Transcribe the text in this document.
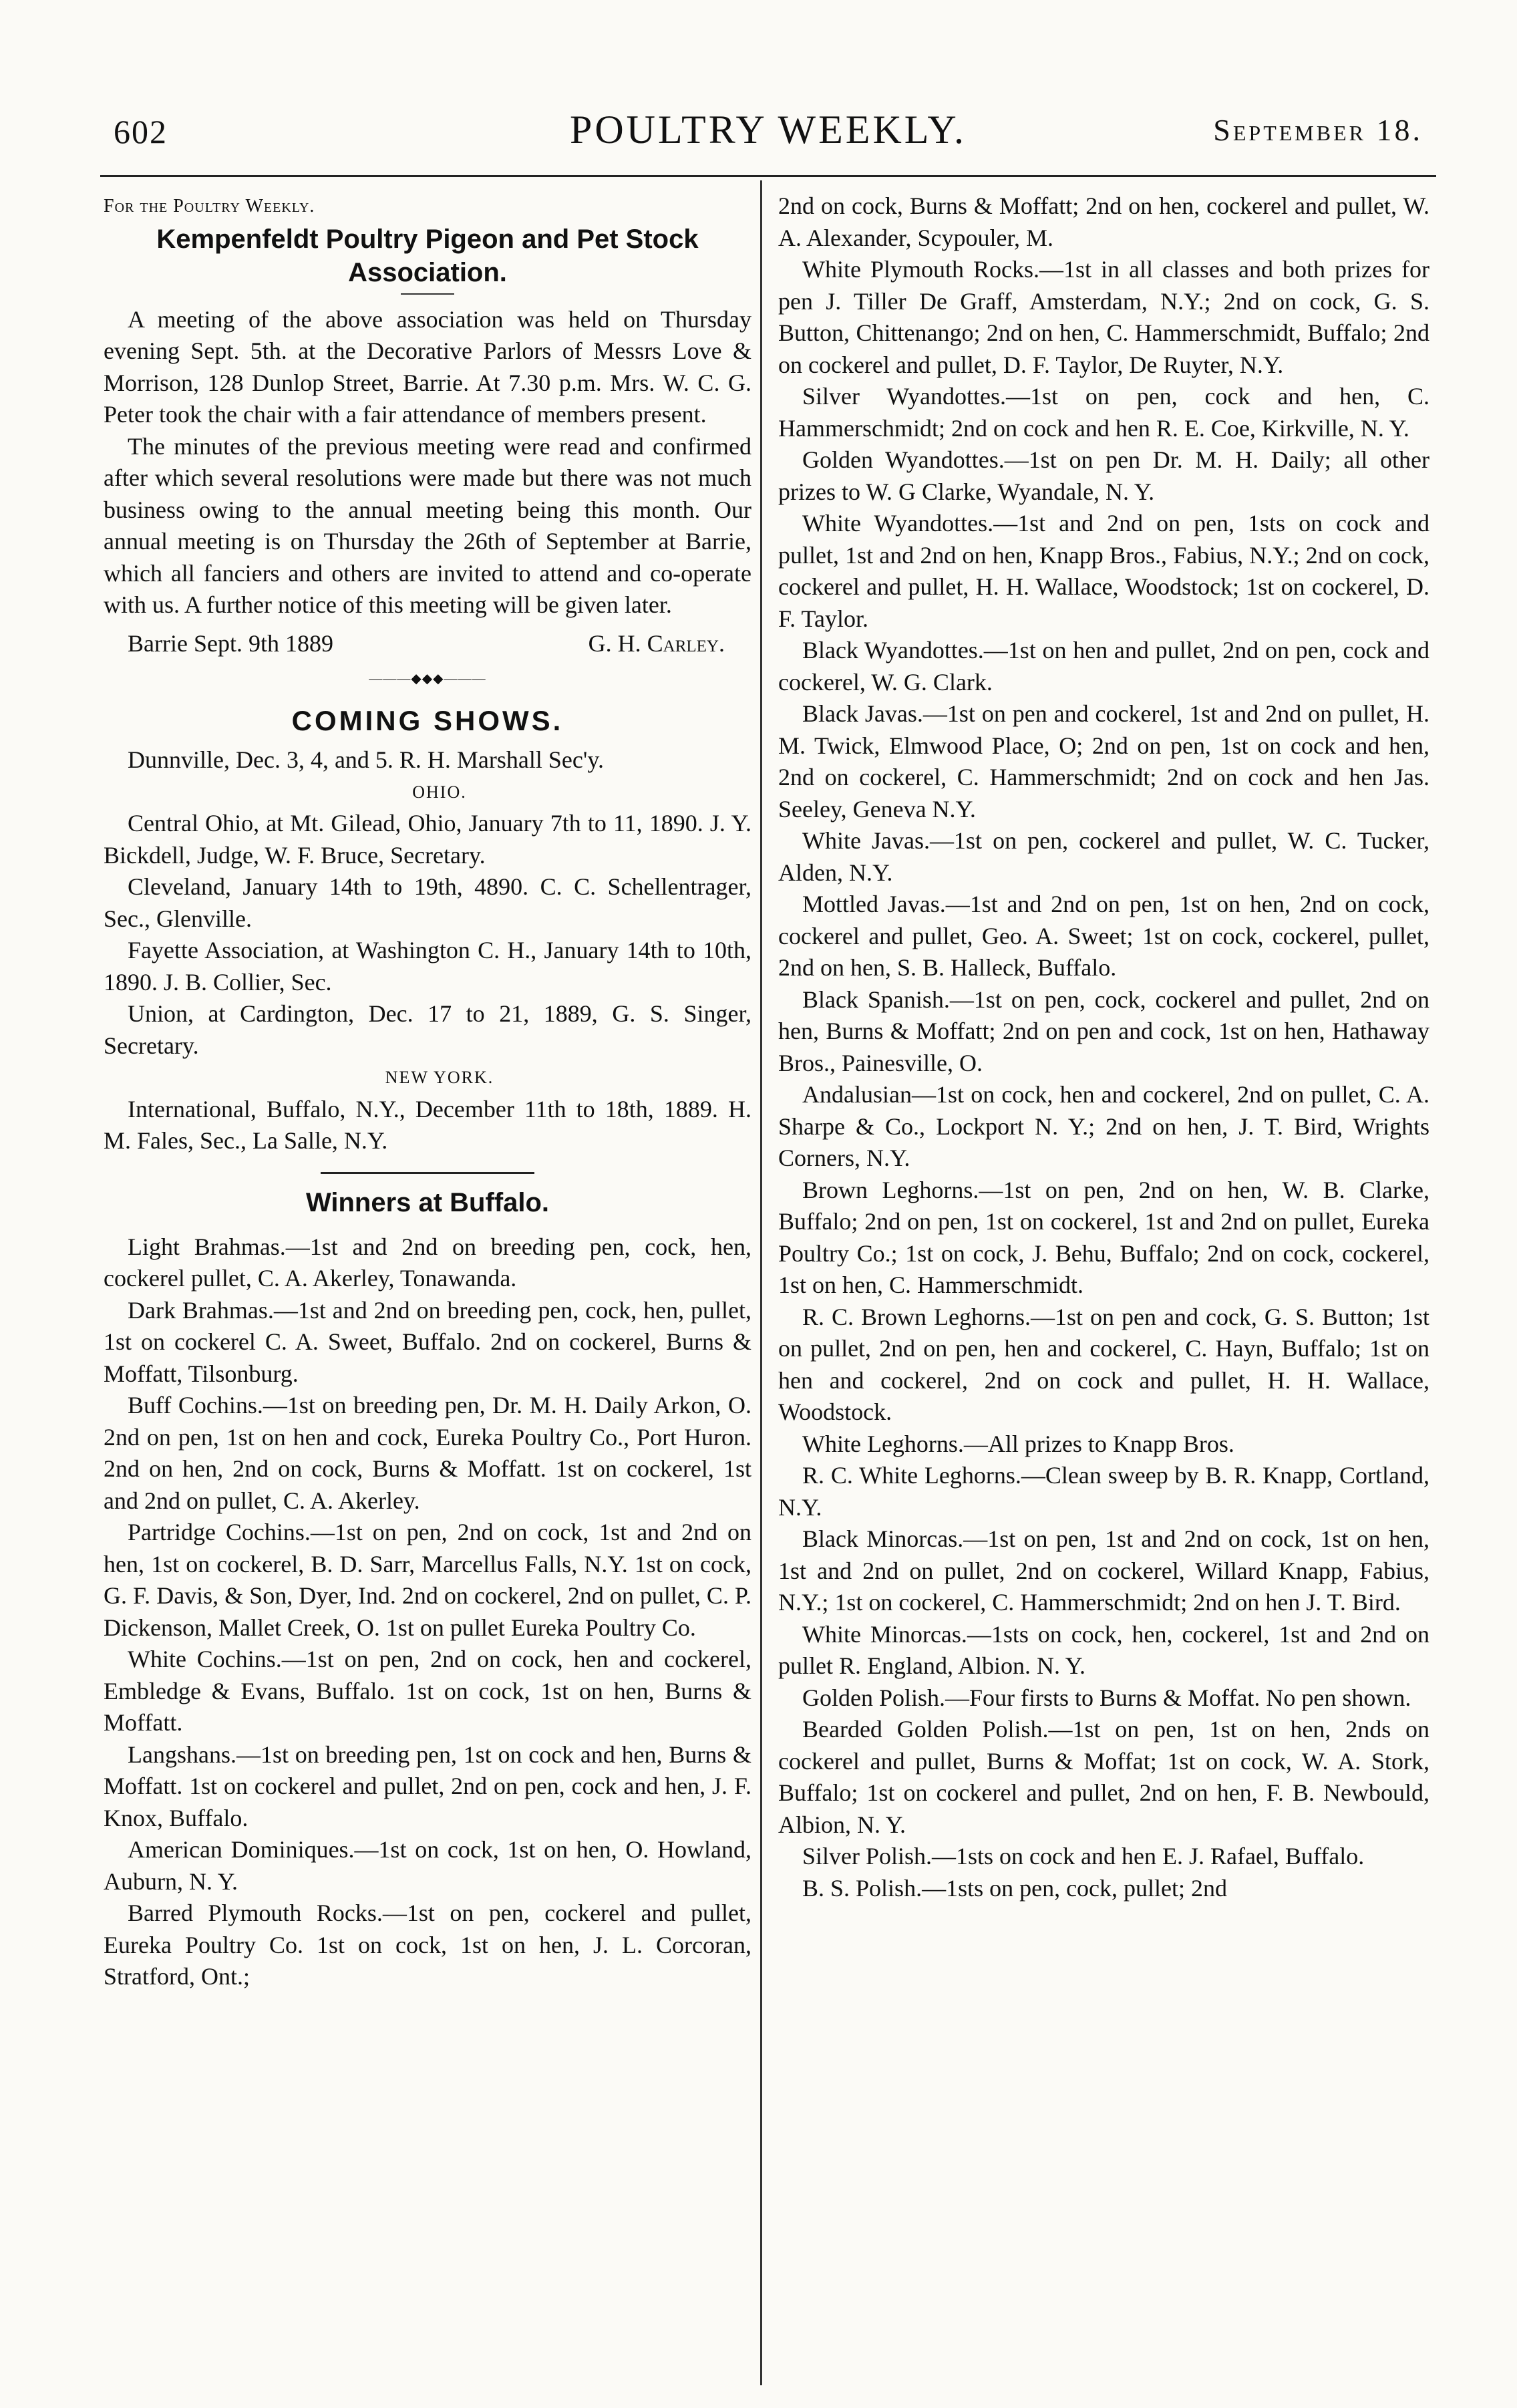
602	POULTRY WEEKLY.	September 18.

For the Poultry Weekly.

Kempenfeldt Poultry Pigeon and Pet Stock Association.

A meeting of the above association was held on Thursday evening Sept. 5th. at the Decorative Parlors of Messrs Love & Morrison, 128 Dunlop Street, Barrie. At 7.30 p.m. Mrs. W. C. G. Peter took the chair with a fair attendance of members present.

The minutes of the previous meeting were read and confirmed after which several resolutions were made but there was not much business owing to the annual meeting being this month. Our annual meeting is on Thursday the 26th of September at Barrie, which all fanciers and others are invited to attend and co-operate with us. A further notice of this meeting will be given later.

Barrie Sept. 9th 1889	G. H. Carley.
———◆◆◆———
COMING SHOWS.

Dunnville, Dec. 3, 4, and 5. R. H. Marshall Sec'y.

OHIO.

Central Ohio, at Mt. Gilead, Ohio, January 7th to 11, 1890. J. Y. Bickdell, Judge, W. F. Bruce, Secretary.

Cleveland, January 14th to 19th, 4890. C. C. Schellentrager, Sec., Glenville.

Fayette Association, at Washington C. H., January 14th to 10th, 1890. J. B. Collier, Sec.

Union, at Cardington, Dec. 17 to 21, 1889, G. S. Singer, Secretary.

NEW YORK.

International, Buffalo, N.Y., December 11th to 18th, 1889. H. M. Fales, Sec., La Salle, N.Y.

Winners at Buffalo.

Light Brahmas.—1st and 2nd on breeding pen, cock, hen, cockerel pullet, C. A. Akerley, Tonawanda.

Dark Brahmas.—1st and 2nd on breeding pen, cock, hen, pullet, 1st on cockerel C. A. Sweet, Buffalo. 2nd on cockerel, Burns & Moffatt, Tilsonburg.

Buff Cochins.—1st on breeding pen, Dr. M. H. Daily Arkon, O. 2nd on pen, 1st on hen and cock, Eureka Poultry Co., Port Huron. 2nd on hen, 2nd on cock, Burns & Moffatt. 1st on cockerel, 1st and 2nd on pullet, C. A. Akerley.

Partridge Cochins.—1st on pen, 2nd on cock, 1st and 2nd on hen, 1st on cockerel, B. D. Sarr, Marcellus Falls, N.Y. 1st on cock, G. F. Davis, & Son, Dyer, Ind. 2nd on cockerel, 2nd on pullet, C. P. Dickenson, Mallet Creek, O. 1st on pullet Eureka Poultry Co.

White Cochins.—1st on pen, 2nd on cock, hen and cockerel, Embledge & Evans, Buffalo. 1st on cock, 1st on hen, Burns & Moffatt.

Langshans.—1st on breeding pen, 1st on cock and hen, Burns & Moffatt. 1st on cockerel and pullet, 2nd on pen, cock and hen, J. F. Knox, Buffalo.

American Dominiques.—1st on cock, 1st on hen, O. Howland, Auburn, N. Y.

Barred Plymouth Rocks.—1st on pen, cockerel and pullet, Eureka Poultry Co. 1st on cock, 1st on hen, J. L. Corcoran, Stratford, Ont.;

2nd on cock, Burns & Moffatt; 2nd on hen, cockerel and pullet, W. A. Alexander, Scypouler, M.

White Plymouth Rocks.—1st in all classes and both prizes for pen J. Tiller De Graff, Amsterdam, N.Y.; 2nd on cock, G. S. Button, Chittenango; 2nd on hen, C. Hammerschmidt, Buffalo; 2nd on cockerel and pullet, D. F. Taylor, De Ruyter, N.Y.

Silver Wyandottes.—1st on pen, cock and hen, C. Hammerschmidt; 2nd on cock and hen R. E. Coe, Kirkville, N. Y.

Golden Wyandottes.—1st on pen Dr. M. H. Daily; all other prizes to W. G Clarke, Wyandale, N. Y.

White Wyandottes.—1st and 2nd on pen, 1sts on cock and pullet, 1st and 2nd on hen, Knapp Bros., Fabius, N.Y.; 2nd on cock, cockerel and pullet, H. H. Wallace, Woodstock; 1st on cockerel, D. F. Taylor.

Black Wyandottes.—1st on hen and pullet, 2nd on pen, cock and cockerel, W. G. Clark.

Black Javas.—1st on pen and cockerel, 1st and 2nd on pullet, H. M. Twick, Elmwood Place, O; 2nd on pen, 1st on cock and hen, 2nd on cockerel, C. Hammerschmidt; 2nd on cock and hen Jas. Seeley, Geneva N.Y.

White Javas.—1st on pen, cockerel and pullet, W. C. Tucker, Alden, N.Y.

Mottled Javas.—1st and 2nd on pen, 1st on hen, 2nd on cock, cockerel and pullet, Geo. A. Sweet; 1st on cock, cockerel, pullet, 2nd on hen, S. B. Halleck, Buffalo.

Black Spanish.—1st on pen, cock, cockerel and pullet, 2nd on hen, Burns & Moffatt; 2nd on pen and cock, 1st on hen, Hathaway Bros., Painesville, O.

Andalusian—1st on cock, hen and cockerel, 2nd on pullet, C. A. Sharpe & Co., Lockport N. Y.; 2nd on hen, J. T. Bird, Wrights Corners, N.Y.

Brown Leghorns.—1st on pen, 2nd on hen, W. B. Clarke, Buffalo; 2nd on pen, 1st on cockerel, 1st and 2nd on pullet, Eureka Poultry Co.; 1st on cock, J. Behu, Buffalo; 2nd on cock, cockerel, 1st on hen, C. Hammerschmidt.

R. C. Brown Leghorns.—1st on pen and cock, G. S. Button; 1st on pullet, 2nd on pen, hen and cockerel, C. Hayn, Buffalo; 1st on hen and cockerel, 2nd on cock and pullet, H. H. Wallace, Woodstock.

White Leghorns.—All prizes to Knapp Bros.

R. C. White Leghorns.—Clean sweep by B. R. Knapp, Cortland, N.Y.

Black Minorcas.—1st on pen, 1st and 2nd on cock, 1st on hen, 1st and 2nd on pullet, 2nd on cockerel, Willard Knapp, Fabius, N.Y.; 1st on cockerel, C. Hammerschmidt; 2nd on hen J. T. Bird.

White Minorcas.—1sts on cock, hen, cockerel, 1st and 2nd on pullet R. England, Albion. N. Y.

Golden Polish.—Four firsts to Burns & Moffat. No pen shown.

Bearded Golden Polish.—1st on pen, 1st on hen, 2nds on cockerel and pullet, Burns & Moffat; 1st on cock, W. A. Stork, Buffalo; 1st on cockerel and pullet, 2nd on hen, F. B. Newbould, Albion, N. Y.

Silver Polish.—1sts on cock and hen E. J. Rafael, Buffalo.

B. S. Polish.—1sts on pen, cock, pullet; 2nd
